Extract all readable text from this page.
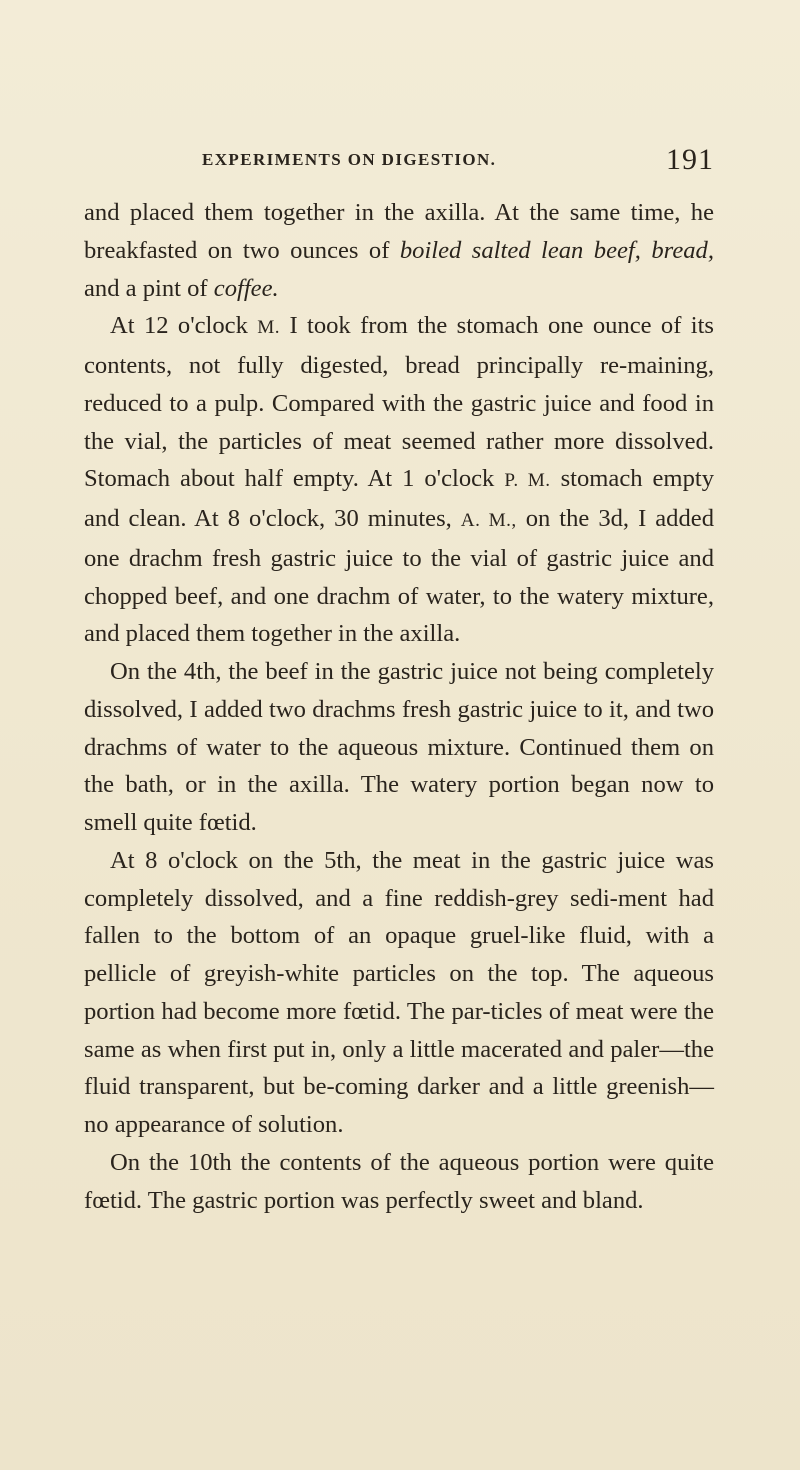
EXPERIMENTS ON DIGESTION.	191

and placed them together in the axilla. At the same time, he breakfasted on two ounces of boiled salted lean beef, bread, and a pint of coffee.

At 12 o'clock M. I took from the stomach one ounce of its contents, not fully digested, bread principally re-maining, reduced to a pulp. Compared with the gastric juice and food in the vial, the particles of meat seemed rather more dissolved. Stomach about half empty. At 1 o'clock P. M. stomach empty and clean. At 8 o'clock, 30 minutes, A. M., on the 3d, I added one drachm fresh gastric juice to the vial of gastric juice and chopped beef, and one drachm of water, to the watery mixture, and placed them together in the axilla.

On the 4th, the beef in the gastric juice not being completely dissolved, I added two drachms fresh gastric juice to it, and two drachms of water to the aqueous mixture. Continued them on the bath, or in the axilla. The watery portion began now to smell quite fœtid.

At 8 o'clock on the 5th, the meat in the gastric juice was completely dissolved, and a fine reddish-grey sedi-ment had fallen to the bottom of an opaque gruel-like fluid, with a pellicle of greyish-white particles on the top. The aqueous portion had become more fœtid. The par-ticles of meat were the same as when first put in, only a little macerated and paler—the fluid transparent, but be-coming darker and a little greenish—no appearance of solution.

On the 10th the contents of the aqueous portion were quite fœtid. The gastric portion was perfectly sweet and bland.
